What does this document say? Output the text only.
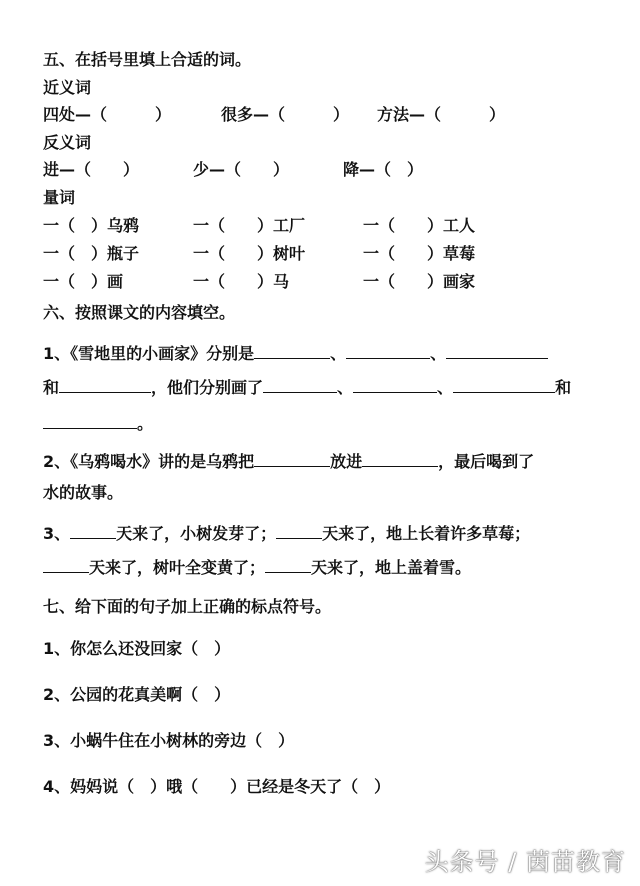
五、在括号里填上合适的词。
近义词
四处—（　　　）	很多—（　　　） 方法—（　　　）
反义词
进—（　　）	少—（　　）	降—（　）
量词
一（　）乌鸦	一（　　）工厂	一（　　）工人
一（　）瓶子	一（　　）树叶	一（　　）草莓
一（　）画	一（　　）马	一（　　）画家
六、按照课文的内容填空。
1、《雪地里的小画家》分别是	、	、
和	，他们分别画了	、	、	和
。
2、《乌鸦喝水》讲的是乌鸦把	放进	，最后喝到了
水的故事。
3、	天来了，小树发芽了；	天来了，地上长着许多草莓；
天来了，树叶全变黄了；	天来了，地上盖着雪。
七、给下面的句子加上正确的标点符号。
1、你怎么还没回家（　）
2、公园的花真美啊（　）
3、小蜗牛住在小树林的旁边（　）
4、妈妈说（　）哦（　　）已经是冬天了（　）
头条号 / 茵苗教育
